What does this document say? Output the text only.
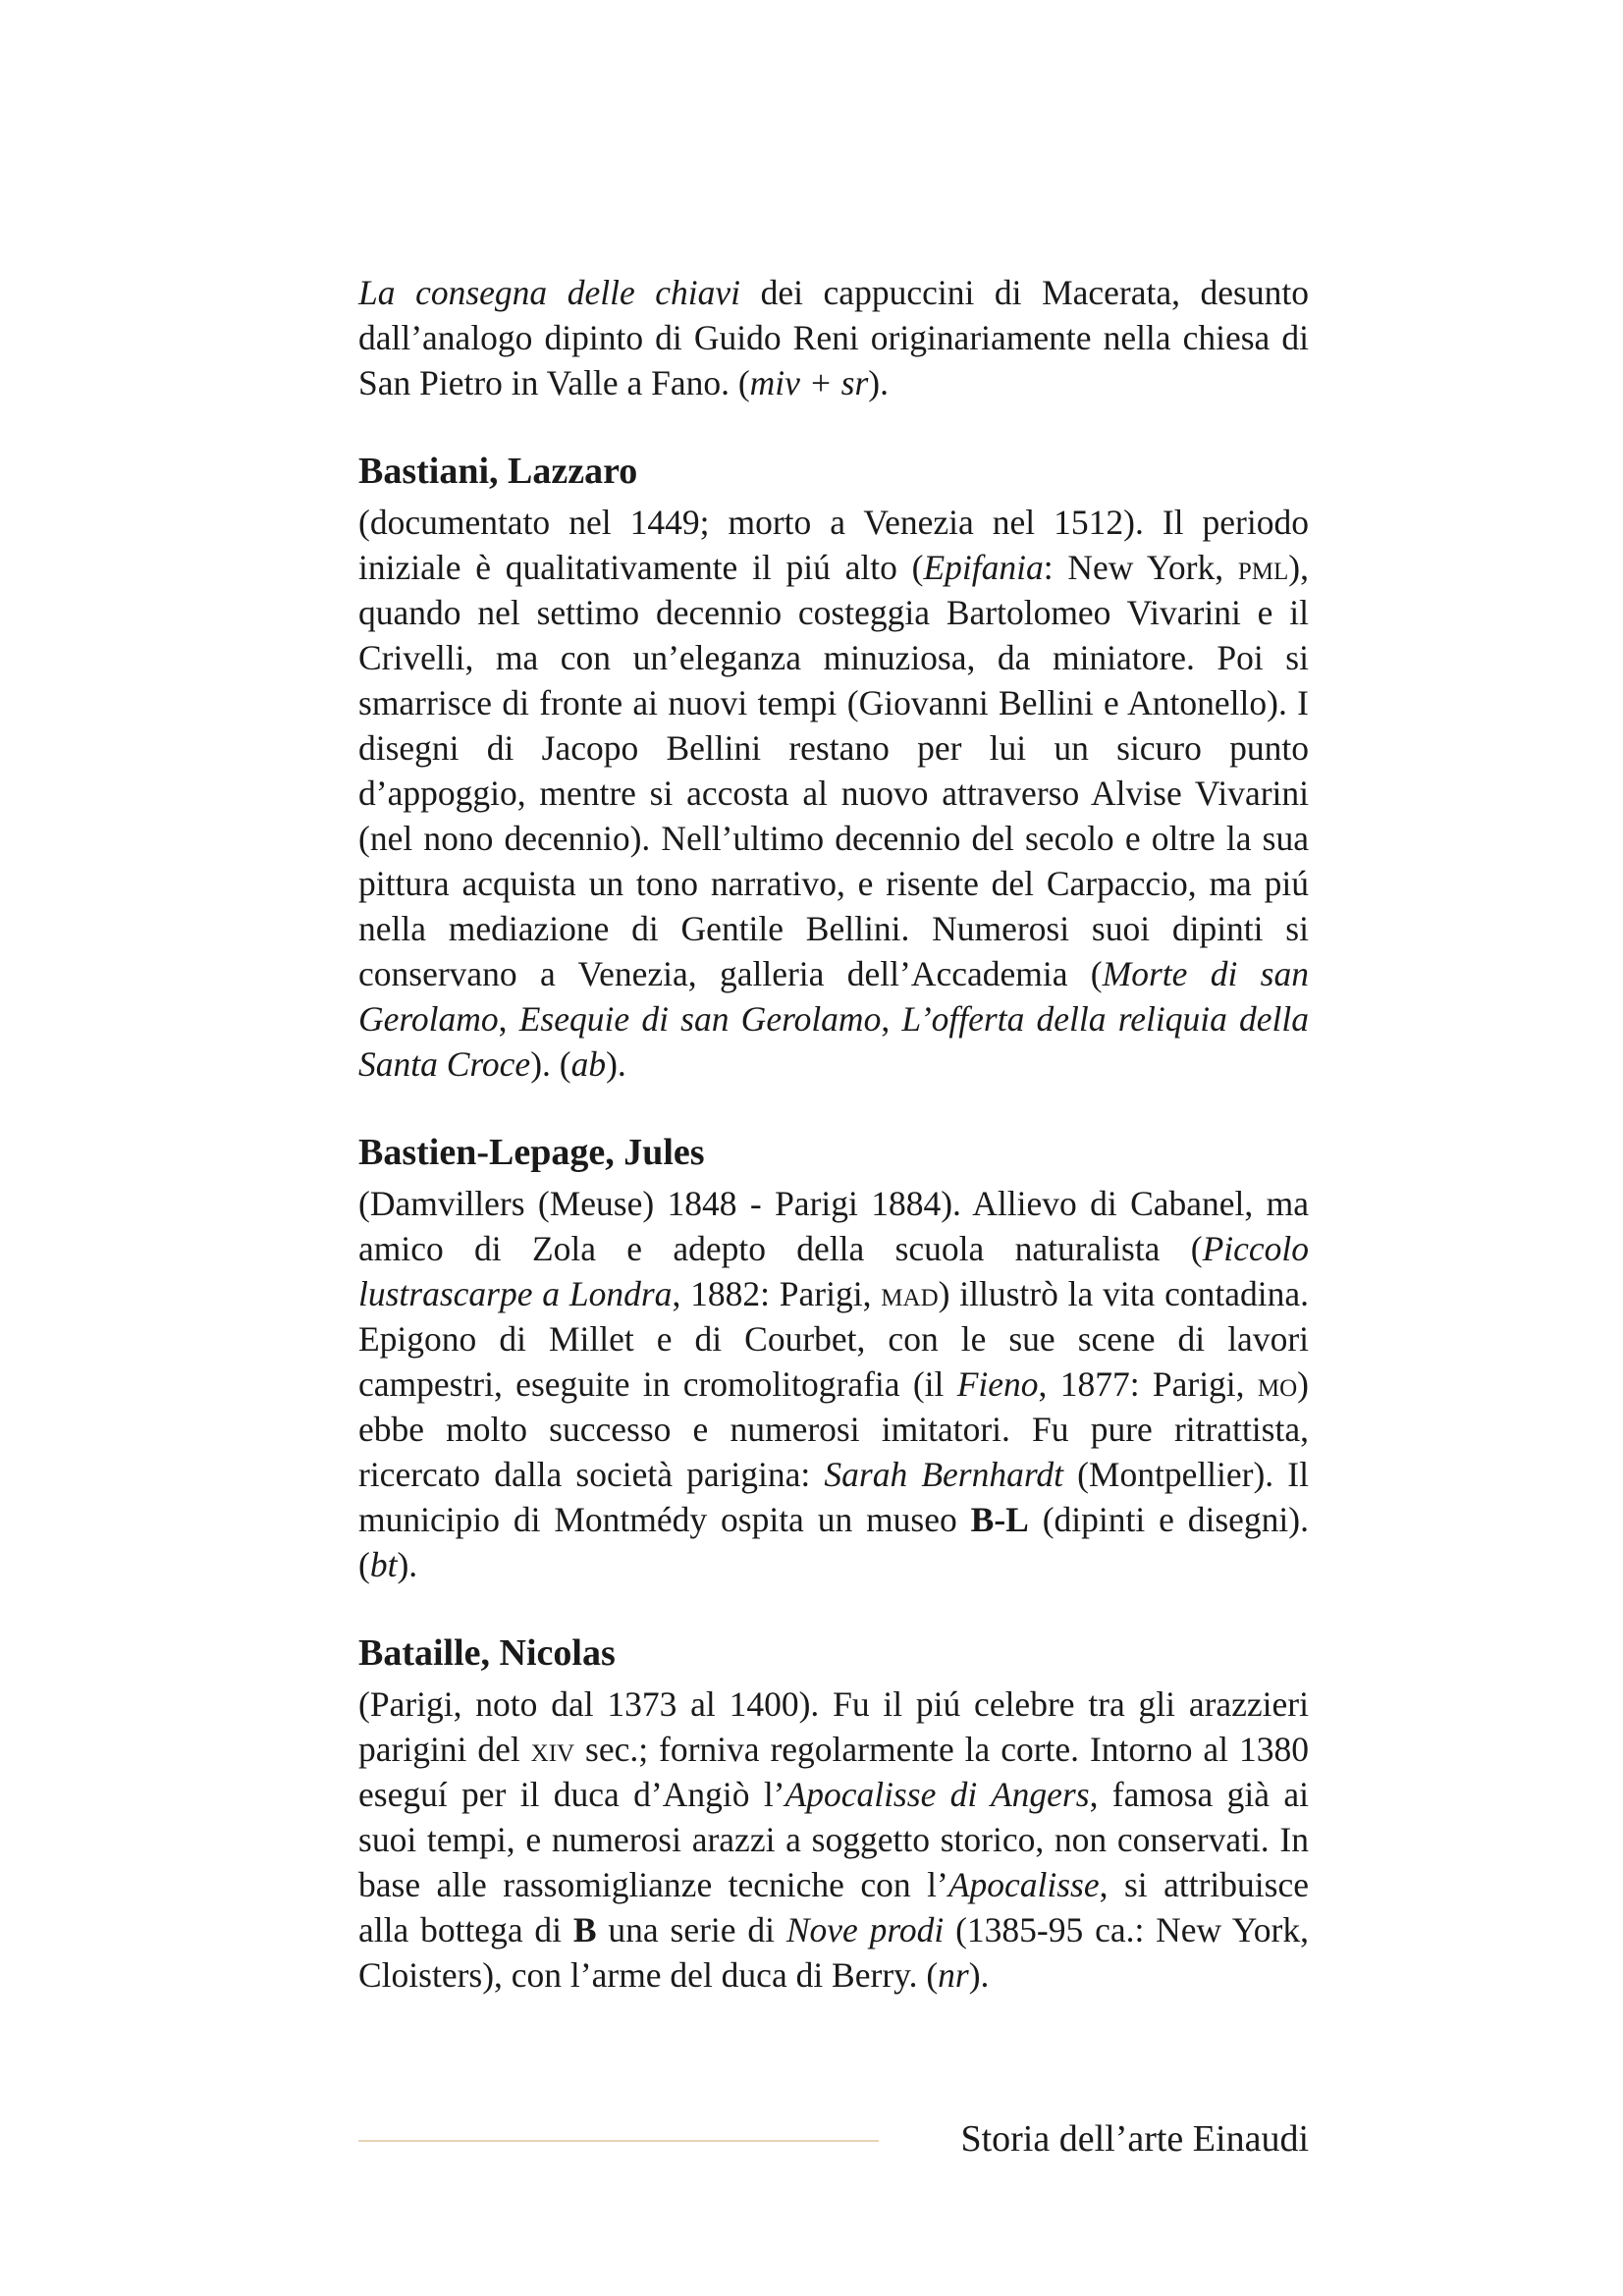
La consegna delle chiavi dei cappuccini di Macerata, desunto dall’analogo dipinto di Guido Reni originariamente nella chiesa di San Pietro in Valle a Fano. (miv + sr).

Bastiani, Lazzaro

(documentato nel 1449; morto a Venezia nel 1512). Il periodo iniziale è qualitativamente il piú alto (Epifania: New York, pml), quando nel settimo decennio costeggia Bartolomeo Vivarini e il Crivelli, ma con un’eleganza minuziosa, da miniatore. Poi si smarrisce di fronte ai nuovi tempi (Giovanni Bellini e Antonello). I disegni di Jacopo Bellini restano per lui un sicuro punto d’appoggio, mentre si accosta al nuovo attraverso Alvise Vivarini (nel nono decennio). Nell’ultimo decennio del secolo e oltre la sua pittura acquista un tono narrativo, e risente del Carpaccio, ma piú nella mediazione di Gentile Bellini. Numerosi suoi dipinti si conservano a Venezia, galleria dell’Accademia (Morte di san Gerolamo, Esequie di san Gerolamo, L’offerta della reliquia della Santa Croce). (ab).

Bastien-Lepage, Jules

(Damvillers (Meuse) 1848 - Parigi 1884). Allievo di Cabanel, ma amico di Zola e adepto della scuola naturalista (Piccolo lustrascarpe a Londra, 1882: Parigi, mad) illustrò la vita contadina. Epigono di Millet e di Courbet, con le sue scene di lavori campestri, eseguite in cromolitografia (il Fieno, 1877: Parigi, mo) ebbe molto successo e numerosi imitatori. Fu pure ritrattista, ricercato dalla società parigina: Sarah Bernhardt (Montpellier). Il municipio di Montmédy ospita un museo B-L (dipinti e disegni). (bt).

Bataille, Nicolas

(Parigi, noto dal 1373 al 1400). Fu il piú celebre tra gli arazzieri parigini del xiv sec.; forniva regolarmente la corte. Intorno al 1380 eseguí per il duca d’Angiò l’Apocalisse di Angers, famosa già ai suoi tempi, e numerosi arazzi a soggetto storico, non conservati. In base alle rassomiglianze tecniche con l’Apocalisse, si attribuisce alla bottega di B una serie di Nove prodi (1385-95 ca.: New York, Cloisters), con l’arme del duca di Berry. (nr).

Storia dell’arte Einaudi
